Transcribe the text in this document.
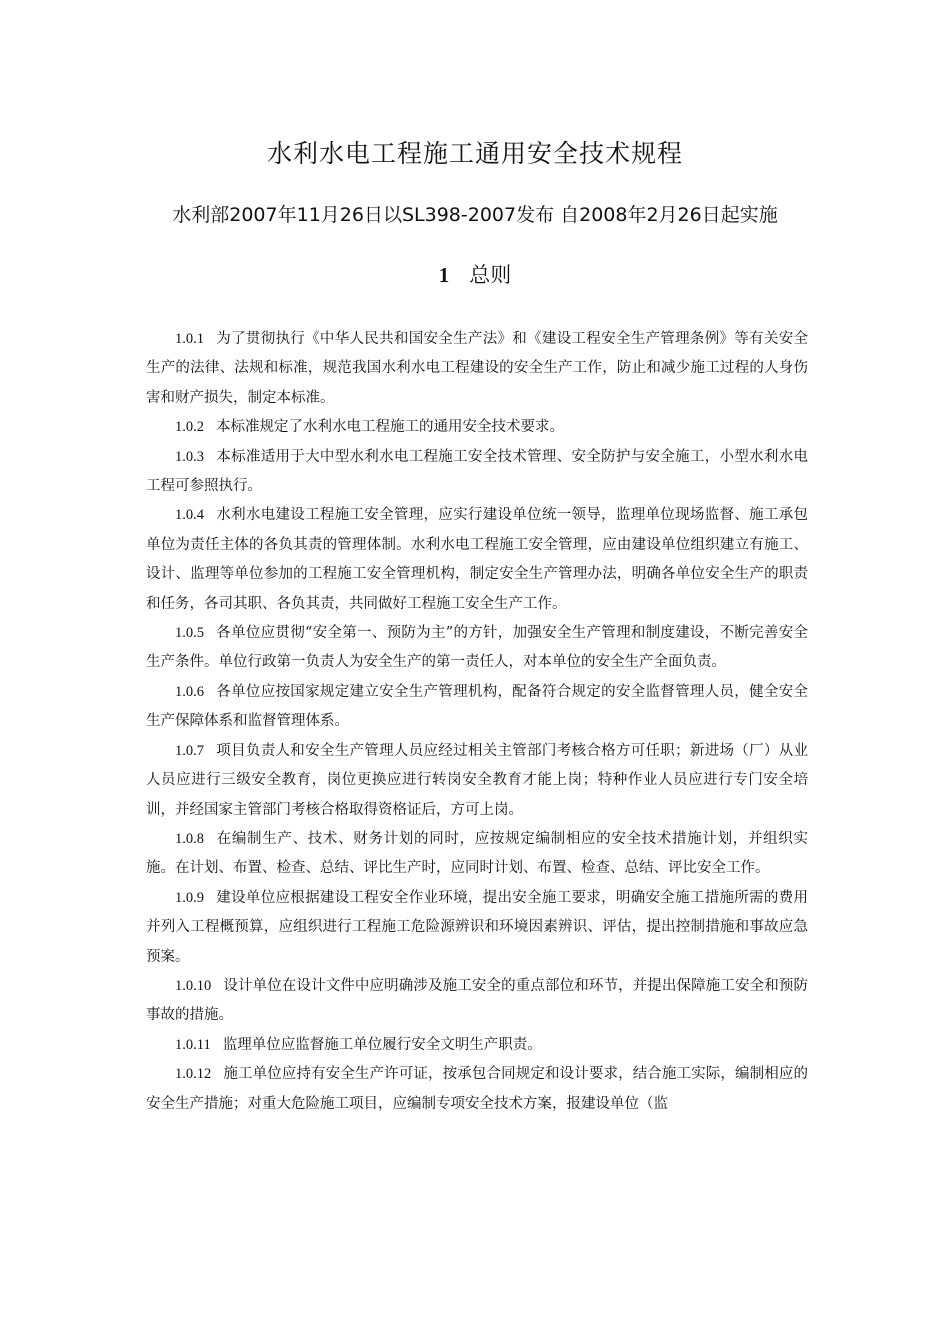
水利水电工程施工通用安全技术规程
水利部2007年11月26日以SL398-2007发布 自2008年2月26日起实施
1 总则

1.0.1 为了贯彻执行《中华人民共和国安全生产法》和《建设工程安全生产管理条例》等有关安全生产的法律、法规和标准，规范我国水利水电工程建设的安全生产工作，防止和减少施工过程的人身伤害和财产损失，制定本标准。

1.0.2 本标准规定了水利水电工程施工的通用安全技术要求。

1.0.3 本标准适用于大中型水利水电工程施工安全技术管理、安全防护与安全施工，小型水利水电工程可参照执行。

1.0.4 水利水电建设工程施工安全管理，应实行建设单位统一领导，监理单位现场监督、施工承包单位为责任主体的各负其责的管理体制。水利水电工程施工安全管理，应由建设单位组织建立有施工、设计、监理等单位参加的工程施工安全管理机构，制定安全生产管理办法，明确各单位安全生产的职责和任务，各司其职、各负其责，共同做好工程施工安全生产工作。

1.0.5 各单位应贯彻“安全第一、预防为主”的方针，加强安全生产管理和制度建设，不断完善安全生产条件。单位行政第一负责人为安全生产的第一责任人，对本单位的安全生产全面负责。

1.0.6 各单位应按国家规定建立安全生产管理机构，配备符合规定的安全监督管理人员，健全安全生产保障体系和监督管理体系。

1.0.7 项目负责人和安全生产管理人员应经过相关主管部门考核合格方可任职；新进场（厂）从业人员应进行三级安全教育，岗位更换应进行转岗安全教育才能上岗；特种作业人员应进行专门安全培训，并经国家主管部门考核合格取得资格证后，方可上岗。

1.0.8 在编制生产、技术、财务计划的同时，应按规定编制相应的安全技术措施计划，并组织实施。在计划、布置、检查、总结、评比生产时，应同时计划、布置、检查、总结、评比安全工作。

1.0.9 建设单位应根据建设工程安全作业环境，提出安全施工要求，明确安全施工措施所需的费用并列入工程概预算，应组织进行工程施工危险源辨识和环境因素辨识、评估，提出控制措施和事故应急预案。

1.0.10 设计单位在设计文件中应明确涉及施工安全的重点部位和环节，并提出保障施工安全和预防事故的措施。

1.0.11 监理单位应监督施工单位履行安全文明生产职责。

1.0.12 施工单位应持有安全生产许可证，按承包合同规定和设计要求，结合施工实际，编制相应的安全生产措施；对重大危险施工项目，应编制专项安全技术方案，报建设单位（监
